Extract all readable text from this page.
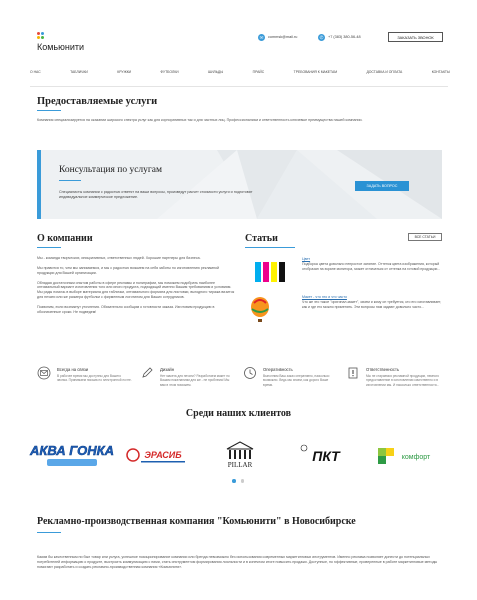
Комьюнити
✉	commsk@mail.ru	✆	+7 (383) 380-56-48	ЗАКАЗАТЬ ЗВОНОК
О НАС	ТАБЛИЧКИ	КРУЖКИ	ФУТБОЛКИ	ШИЛЬДЫ	ПРАЙС	ТРЕБОВАНИЯ К МАКЕТАМ	ДОСТАВКА И ОПЛАТА	КОНТАКТЫ
Предоставляемые услуги

Компания специализируется на оказании широкого спектра услуг как для корпоративных так и для частных лиц. Профессионализм и ответственность ключевые преимущества нашей компании.

Консультация по услугам

Специалисты компании с радостью ответят на ваши вопросы, произведут расчет стоимости услуги и подготовят индивидуальное коммерческое предложение.

ЗАДАТЬ ВОПРОС
О компании

Мы - команда творческих, инициативных, ответственных людей. Хорошие партнеры для бизнеса.

Мы нравится то, чем мы занимаемся, и мы с радостью возьмем на себя заботы по изготовлению рекламной продукции для Вашей организации.

Обладая достаточным опытом работы в сфере рекламы и полиграфии, мы поможем подобрать наиболее оптимальный вариант изготовления того или иного продукта, подходящий именно Вашим требованиям и условиям. Мы рады помочь в выборе материала для таблички, оптимального формата для листовки, выгодного тиража визиток для печати или же размера футболки с фирменным логотипом для Ваших сотрудников.

Позвоним, если возникнут уточнения. Обязательно сообщим о готовности заказа. Изготовим продукцию в обозначенные сроки. Не подведем!

Статьи	ВСЕ СТАТЬИ
Цвет

Подборка цвета довольно непростое занятие. Оттенок цвета изображения, который отобразан на экране монитора, может отличаться от оттенка на готовой продукции...

Макет - что это и что часто

Что же это такое "оригинал-макет", зачем и кому он требуется, кто его изготавливает, как и где его можно применять. Эти вопросы нам задают довольно часто...

Всегда на связи

В рабочее время мы доступны для Вашего звонка. Принимаем письма по электронной почте.

Дизайн

Нет макета для печати? Разработаем макет по Вашим пожеланиям для же - не проблема! Мы вам в этом поможем.

Оперативность

Выполним Ваш заказ оперативно, насколько возможно. Ведь мы знаем, как дорого Ваше время.

Ответственность

Мы не стараемся рекламной продукции, немного предоставление в изготовлении качественно и в изготовлении мы. И насколько ответственности...

Среди наших клиентов
АКВА ГОНКА	ЭРАСИБ
PILLAR
ПКТ	комфорт
Рекламно-производственная компания "Комьюнити" в Новосибирске

Каким бы качественным ни был товар или услуга, успешное позиционирование компании или бренда невозможно без использования современных маркетинговых инструментов. Именно реклама позволяет донести до потенциальных потребителей информацию о продукте, выстроить коммуникацию с ними, стать инструментом формирования лояльности и в конечном итоге повысить продажи. Доступные, но эффективные, проверенные в работе маркетинговые методы помогают разработать и создать рекламно-производственная компания «Комьюнити».
